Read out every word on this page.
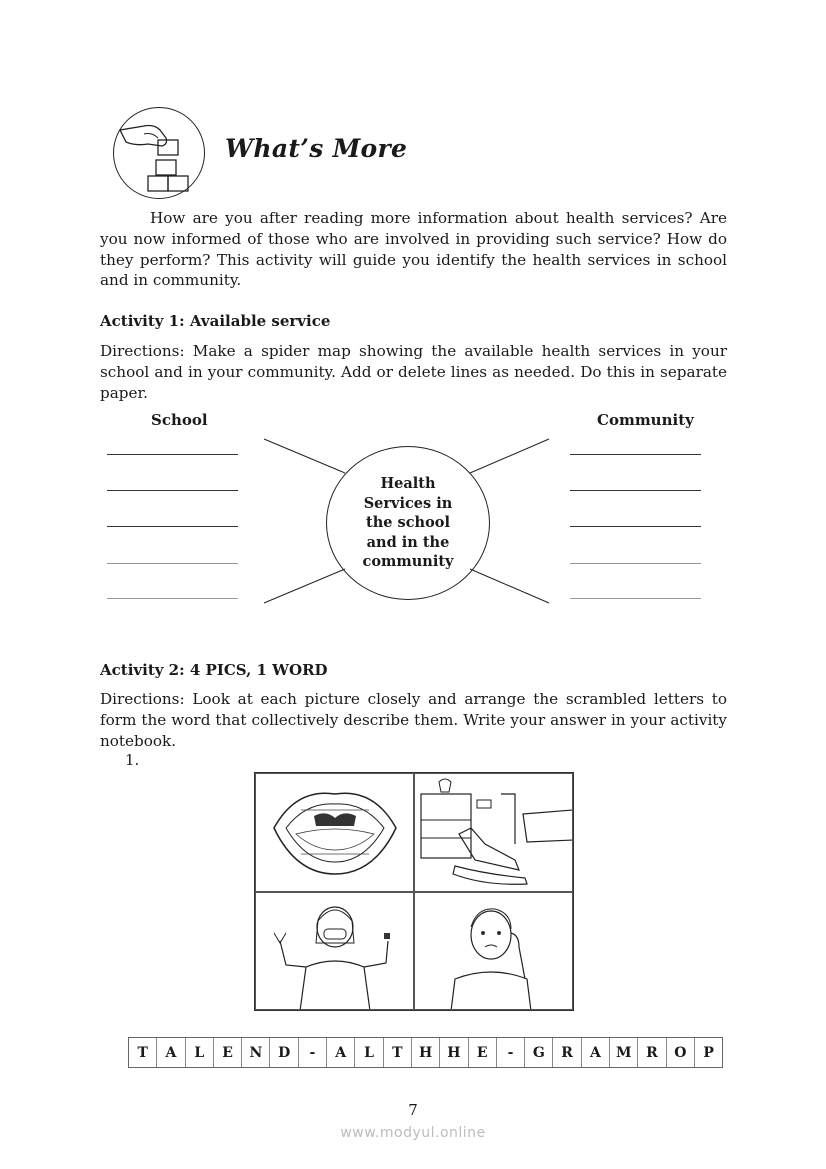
What’s More
How are you after reading more information about health services? Are you now informed of those who are involved in providing such service? How do they perform? This activity will guide you identify the health services in school and in community.
Activity 1: Available service
Directions: Make a spider map showing the available health services in your school and in your community. Add or delete lines as needed. Do this in separate paper.
School	Community
Health Services in the school and in the community
Activity 2: 4 PICS, 1 WORD
Directions: Look at each picture closely and arrange the scrambled letters to form the word that collectively describe them. Write your answer in your activity notebook.
1.
T	A	L	E	N	D	-	A	L	T	H	H	E	-	G	R	A	M	R	O	P
7
www.modyul.online
